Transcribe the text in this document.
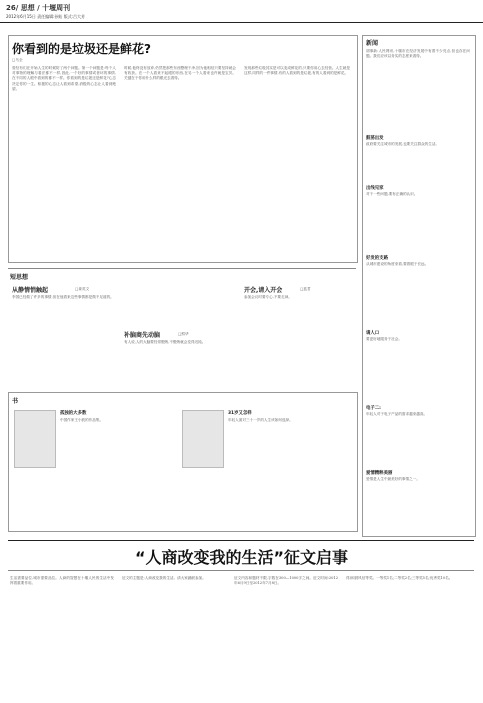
26/ 思想 / 十堰周刊
2012年6月15日 责任编辑:孙贻 版式:吕大芳
你看到的是垃圾还是鲜花?
□马全
曾经有们在开始人生的时候防了两个问题。第一个问题是:每个人对事物的理解与看法都不一样,因此,一个好的事情或者坏的事情,在不同的人眼中看到的都不一样。你看到的是垃圾还是鲜花?心态决定你的一生。积极的心态让人看到希望,消极的心态让人看到绝望。
时候,他终没有放弃,仍然把那些东西整理干净,因为他相信只要坚持就会有收获。在一个人看来不起眼的东西,在另一个人看来也许就是宝贝。关键在于你用什么样的眼光去看待。
发现那些垃圾其实是可以变成鲜花的,只要你用心去经营。人生就是这样,同样的一件事情,有的人看到的是垃圾,有的人看到的是鲜花。
新闻
胡事新:人民网讯,十堰市在经济发展中有着不少亮点,但也存在问题。我们应该以务实的态度来看待。
鼓荡出发
政府要关注城市的发展,也要关注群众的生活。
出线见家
对于一些问题,要有正确的认识。
好发的支路
从城市建设的角度来看,要着眼于长远。
请人口
要更好地服务于社会。
电子二:
年轻人对于电子产品的需求越来越高。
爱情精粹美丽
爱情是人生中最美好的事情之一。
短思想
从静情悄触起	□姜英文
李国已经做了许多的事情,但在他看来这些事情都是微不足道的。
补脑商先动脑	□熊华
有人说,人的大脑要经常锻炼,不锻炼就会变得迟钝。
开会,请入开会	□蓝君
参加会议时要专心,不要走神。
书
孤独的大多数
中国作家王小波的作品集。
31岁又怎样
年轻人面对三十一岁的人生该如何选择。
“人商改变我的生活”征文启事
生活需要品位,城市需要品位。人商的智慧在十堰人民的生活中发挥着重要作用。
征文的主题是:人商改变我的生活。请大家踊跃参加。	征文内容和题材不限,字数在300—1000字之间。征文时间:2012年6月9日至2012年7月8日。
得)和鼓风信等奖。一等奖1名;二等奖2名;三等奖5名;优秀奖10名。
